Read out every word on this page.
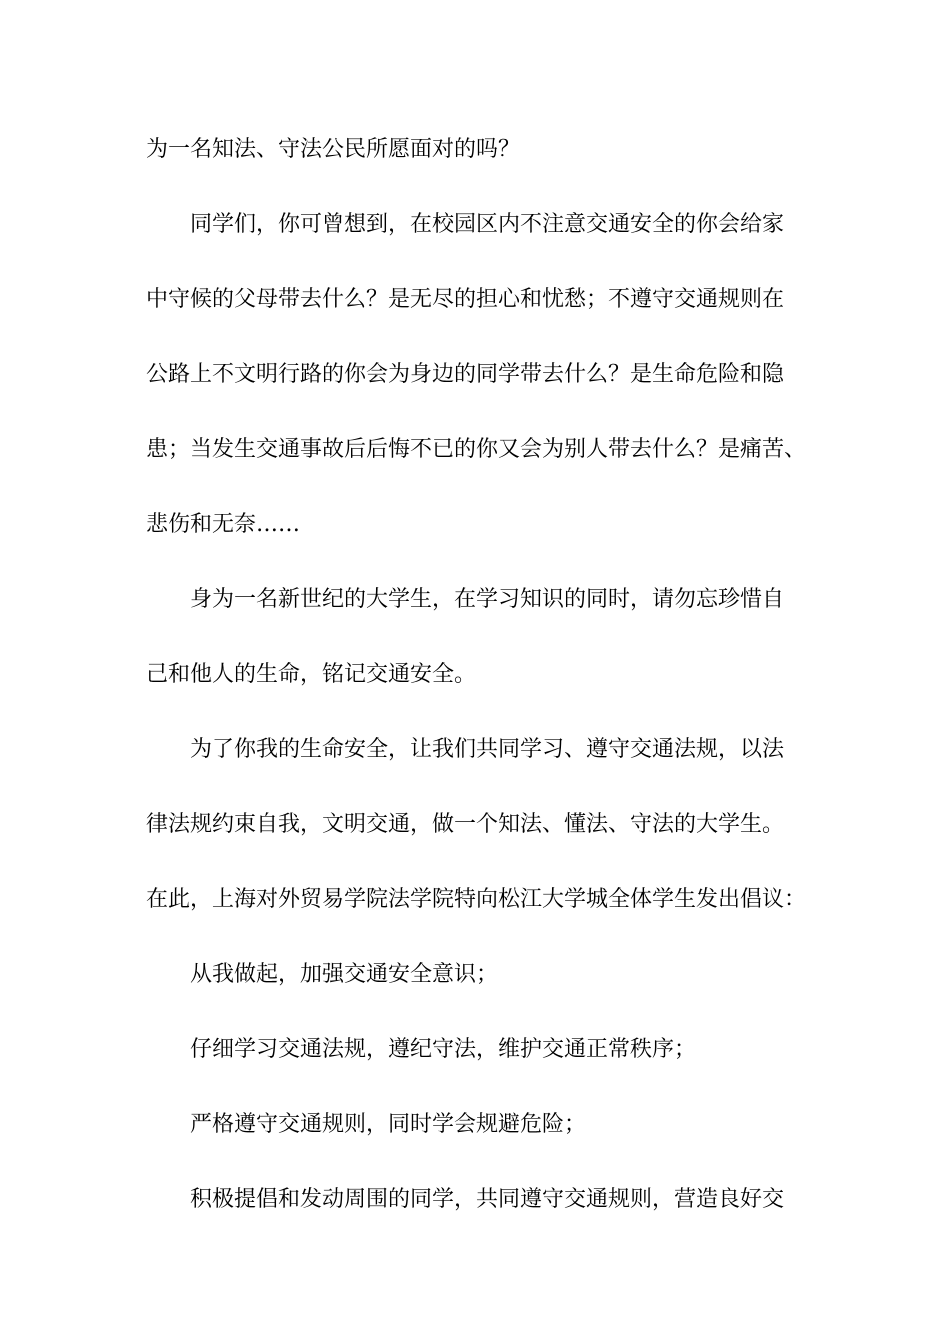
为一名知法、守法公民所愿面对的吗？
同学们，你可曾想到，在校园区内不注意交通安全的你会给家
中守候的父母带去什么？是无尽的担心和忧愁；不遵守交通规则在
公路上不文明行路的你会为身边的同学带去什么？是生命危险和隐
患；当发生交通事故后后悔不已的你又会为别人带去什么？是痛苦、
悲伤和无奈……
身为一名新世纪的大学生，在学习知识的同时，请勿忘珍惜自
己和他人的生命，铭记交通安全。
为了你我的生命安全，让我们共同学习、遵守交通法规，以法
律法规约束自我，文明交通，做一个知法、懂法、守法的大学生。
在此，上海对外贸易学院法学院特向松江大学城全体学生发出倡议：
从我做起，加强交通安全意识；
仔细学习交通法规，遵纪守法，维护交通正常秩序；
严格遵守交通规则，同时学会规避危险；
积极提倡和发动周围的同学，共同遵守交通规则，营造良好交
